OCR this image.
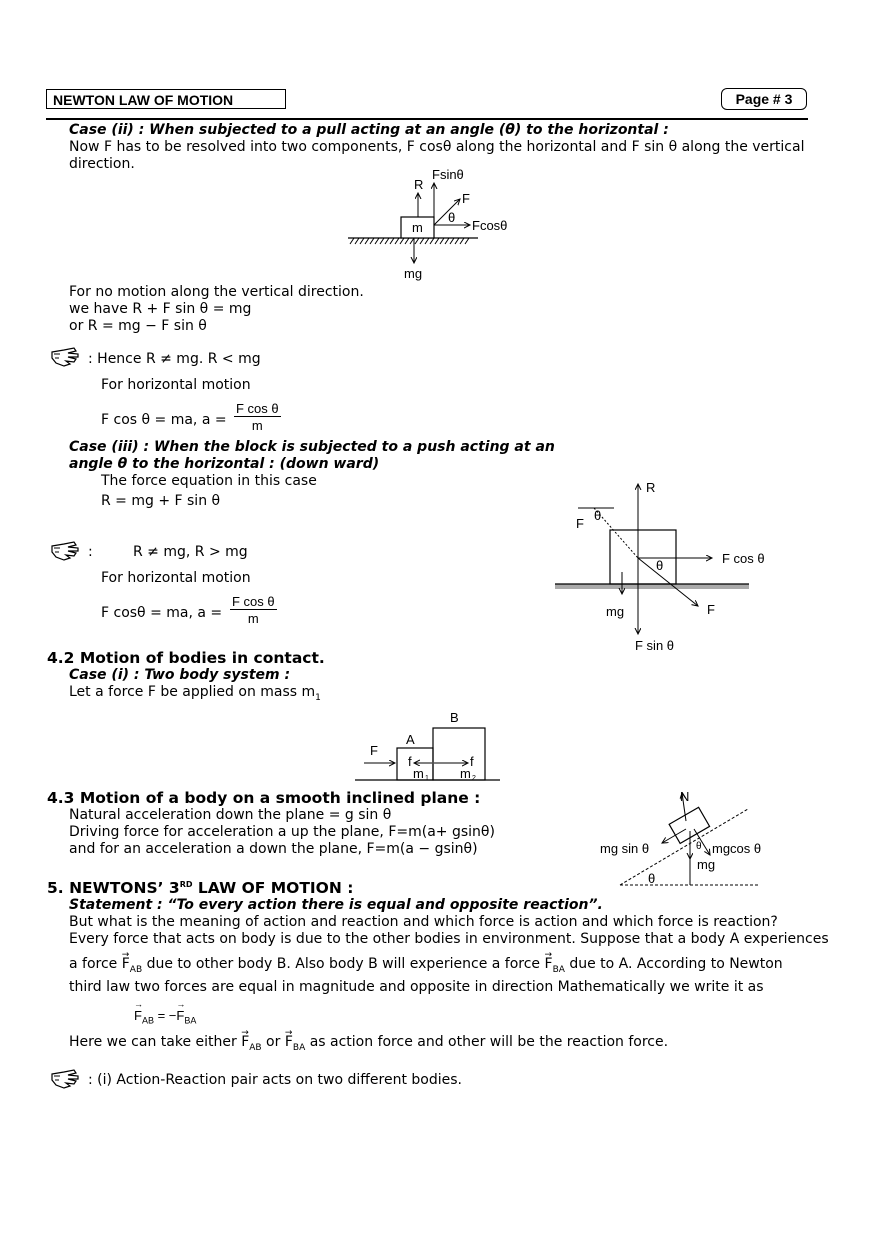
NEWTON LAW OF MOTION	Page # 3
Case (ii) : When subjected to a pull acting at an angle (θ) to the horizontal :
Now F has to be resolved into two components, F cosθ along the horizontal and F sin θ along the vertical
direction.
m
R
Fsinθ
F
Fcosθ
θ
mg
For no motion along the vertical direction.
we have R + F sin θ = mg
or R = mg − F sin θ
: Hence R ≠ mg. R < mg
For horizontal motion
F cos θ = ma, $a = \frac{\text{F cos θ}}{m}$
Case (iii) : When the block is subjected to a push acting at an
angle θ to the horizontal : (down ward)
The force equation in this case
R = mg + F sin θ
:	R ≠ mg, R > mg
For horizontal motion
F cosθ = ma, $a = \frac{\text{F cos θ}}{m}$
R
F sin θ
F cos θ
F
F
θ
θ
mg
4.2 Motion of bodies in contact.
Case (i) : Two body system :
Let a force F be applied on mass $m_1$
B
A
F
f	f
m 1 m 2
4.3 Motion of a body on a smooth inclined plane :
Natural acceleration down the plane = g sin θ
Driving force for acceleration a up the plane, F=m(a+ gsinθ)
and for an acceleration a down the plane, F=m(a − gsinθ)
N
mg sin θ	mgcos θ
mg
θ
θ
5. NEWTONS’ 3RD LAW OF MOTION :
Statement : “To every action there is equal and opposite reaction”.
But what is the meaning of action and reaction and which force is action and which force is reaction?
Every force that acts on body is due to the other bodies in environment. Suppose that a body A experiences
a force → $F_{AB}$ due to other body B. Also body B will experience a force → $F_{BA}$ due to A. According to Newton
third law two forces are equal in magnitude and opposite in direction Mathematically we write it as
→ $F_{AB}$ = −→ $F_{BA}$
Here we can take either → $F_{AB}$ or → $F_{BA}$ as action force and other will be the reaction force.
: (i) Action-Reaction pair acts on two different bodies.
